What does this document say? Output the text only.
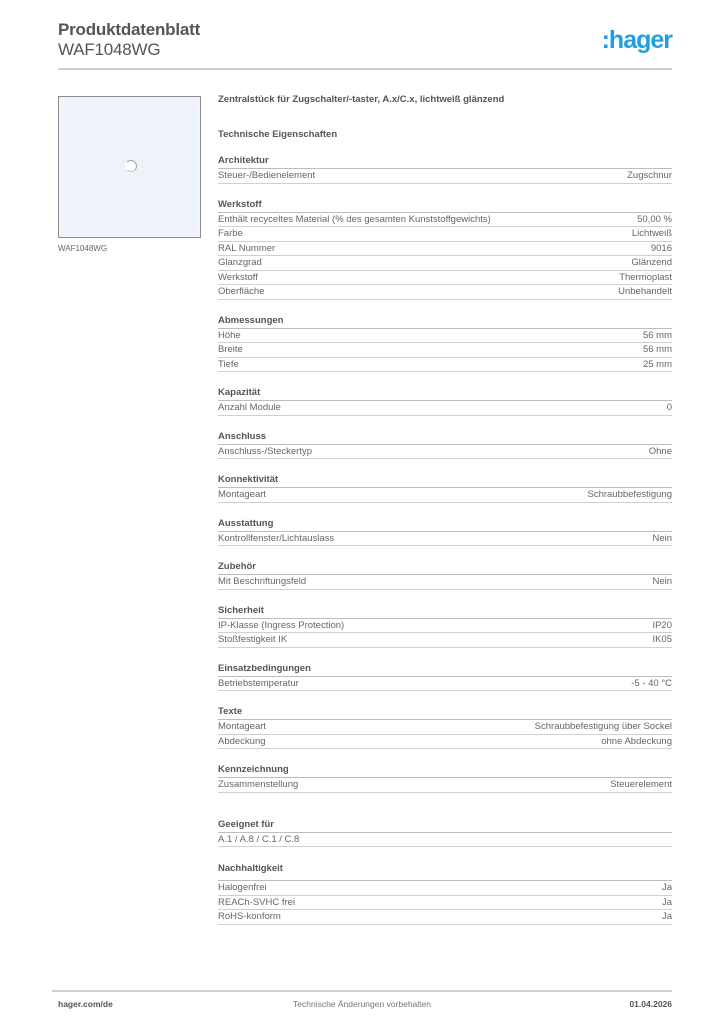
Produktdatenblatt
WAF1048WG	:hager
WAF1048WG
Zentralstück für Zugschalter/-taster, A.x/C.x, lichtweiß glänzend
Technische Eigenschaften
Architektur
Steuer-/Bedienelement	Zugschnur
Werkstoff
Enthält recyceltes Material (% des gesamten Kunststoffgewichts)	50,00 %
Farbe	Lichtweiß
RAL Nummer	9016
Glanzgrad	Glänzend
Werkstoff	Thermoplast
Oberfläche	Unbehandelt
Abmessungen
Höhe	56 mm
Breite	56 mm
Tiefe	25 mm
Kapazität
Anzahl Module	0
Anschluss
Anschluss-/Steckertyp	Ohne
Konnektivität
Montageart	Schraubbefestigung
Ausstattung
Kontrollfenster/Lichtauslass	Nein
Zubehör
Mit Beschriftungsfeld	Nein
Sicherheit
IP-Klasse (Ingress Protection)	IP20
Stoßfestigkeit IK	IK05
Einsatzbedingungen
Betriebstemperatur	-5 - 40 °C
Texte
Montageart	Schraubbefestigung über Sockel
Abdeckung	ohne Abdeckung
Kennzeichnung
Zusammenstellung	Steuerelement
Geeignet für
A.1 / A.8 / C.1 / C.8
Nachhaltigkeit
Halogenfrei	Ja
REACh-SVHC frei	Ja
RoHS-konform	Ja
hager.com/de	Technische Änderungen vorbehalten	01.04.2026
